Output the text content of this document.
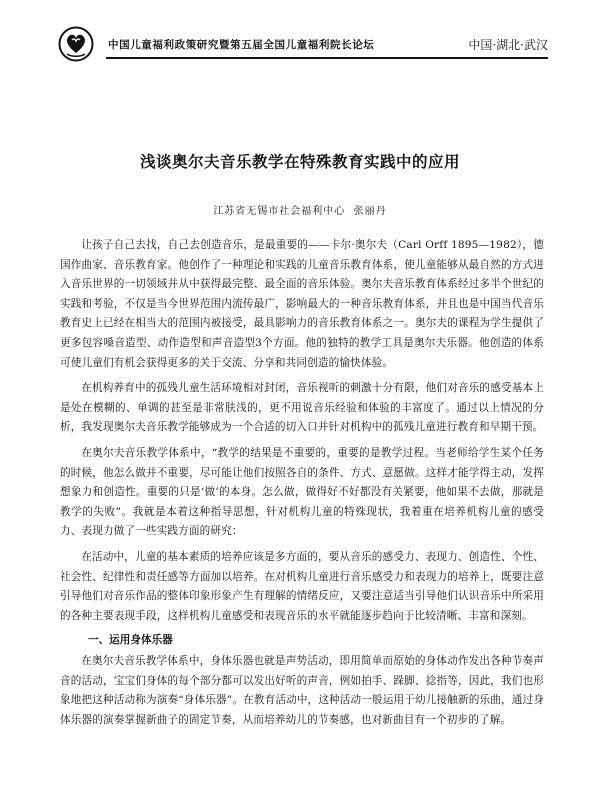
中国儿童福利政策研究暨第五届全国儿童福利院长论坛	中国·湖北·武汉
浅谈奥尔夫音乐教学在特殊教育实践中的应用
江苏省无锡市社会福利中心  张丽丹

让孩子自己去找，自己去创造音乐，是最重要的——卡尔·奥尔夫（Carl Orff 1895—1982），德国作曲家、音乐教育家。他创作了一种理论和实践的儿童音乐教育体系，使儿童能够从最自然的方式进入音乐世界的一切领域并从中获得最完整、最全面的音乐体验。奥尔夫音乐教育体系经过多半个世纪的实践和考验，不仅是当今世界范围内流传最广，影响最大的一种音乐教育体系，并且也是中国当代音乐教育史上已经在相当大的范围内被接受，最具影响力的音乐教育体系之一。奥尔夫的课程为学生提供了更多包容嗓音造型、动作造型和声音造型3个方面。他的独特的教学工具是奥尔夫乐器。他创造的体系可使儿童们有机会获得更多的关于交流、分享和共同创造的愉快体验。

在机构养育中的孤残儿童生活环境相对封闭，音乐视听的刺激十分有限，他们对音乐的感受基本上是处在模糊的、单调的甚至是非常肤浅的，更不用说音乐经验和体验的丰富度了。通过以上情况的分析，我发现奥尔夫音乐教学能够成为一个合适的切入口并针对机构中的孤残儿童进行教育和早期干预。

在奥尔夫音乐教学体系中，“教学的结果是不重要的，重要的是教学过程。当老师给学生某个任务的时候，他怎么做并不重要，尽可能让他们按照各自的条件、方式、意愿做。这样才能学得主动，发挥想象力和创造性。重要的只是‘做’的本身。怎么做，做得好不好都没有关紧要，他如果不去做，那就是教学的失败”。我就是本着这种指导思想，针对机构儿童的特殊现状，我着重在培养机构儿童的感受力、表现力做了一些实践方面的研究：

在活动中，儿童的基本素质的培养应该是多方面的，要从音乐的感受力、表现力、创造性、个性、社会性、纪律性和责任感等方面加以培养。在对机构儿童进行音乐感受力和表现力的培养上，既要注意引导他们对音乐作品的整体印象形象产生有理解的情绪反应，又要注意适当引导他们认识音乐中所采用的各种主要表现手段，这样机构儿童感受和表现音乐的水平就能逐步趋向于比较清晰、丰富和深刻。

一、运用身体乐器

在奥尔夫音乐教学体系中，身体乐器也就是声势活动，即用简单而原始的身体动作发出各种节奏声音的活动，宝宝们身体的每个部分都可以发出好听的声音，例如拍手、跺脚、捻指等，因此，我们也形象地把这种活动称为演奏“身体乐器”。在教育活动中，这种活动一般运用于幼儿接触新的乐曲，通过身体乐器的演奏掌握新曲子的固定节奏，从而培养幼儿的节奏感，也对新曲目有一个初步的了解。
